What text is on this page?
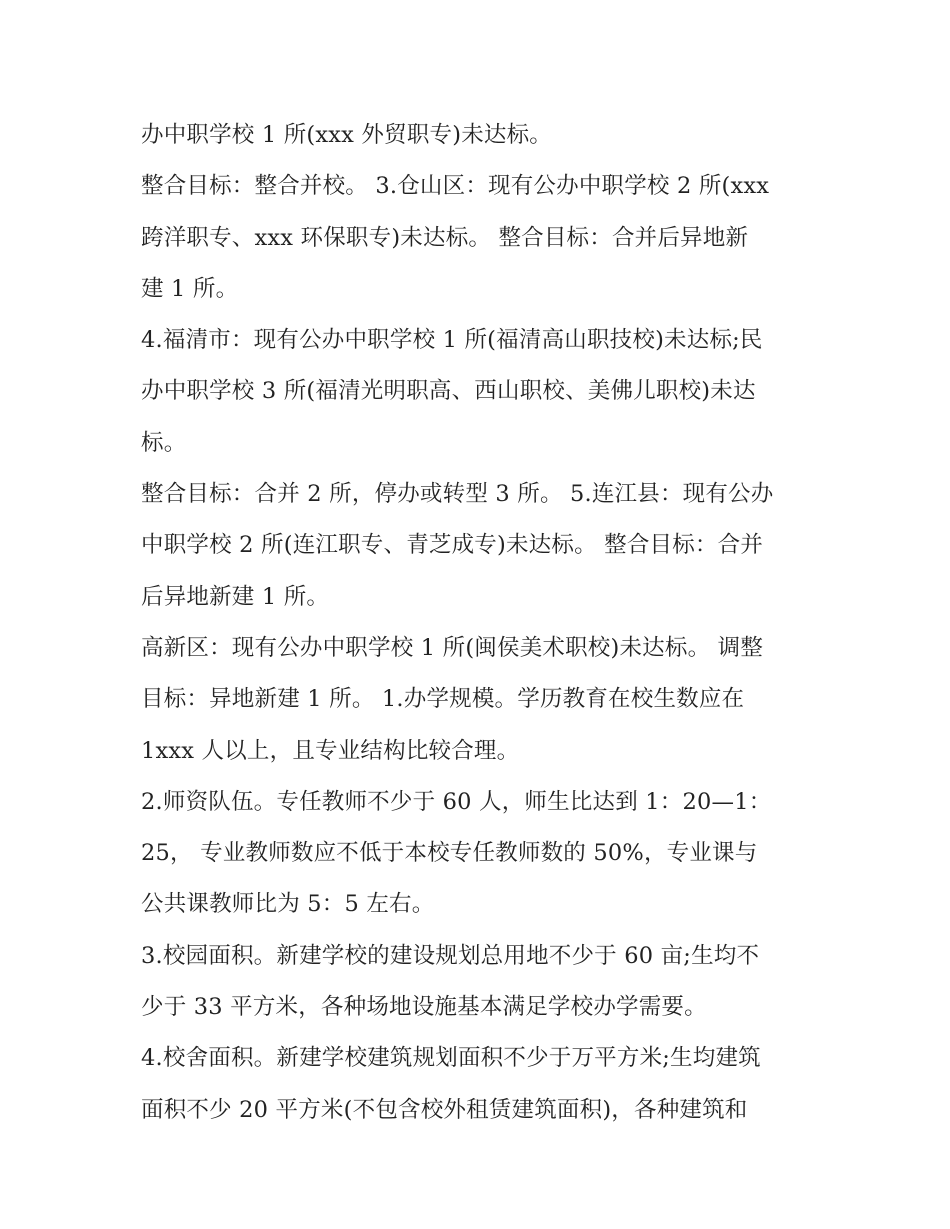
办中职学校 1 所(xxx 外贸职专)未达标。
整合目标：整合并校。 3.仓山区：现有公办中职学校 2 所(xxx
跨洋职专、xxx 环保职专)未达标。 整合目标：合并后异地新
建 1 所。
4.福清市：现有公办中职学校 1 所(福清高山职技校)未达标;民
办中职学校 3 所(福清光明职高、西山职校、美佛儿职校)未达
标。
整合目标：合并 2 所，停办或转型 3 所。 5.连江县：现有公办
中职学校 2 所(连江职专、青芝成专)未达标。 整合目标：合并
后异地新建 1 所。
高新区：现有公办中职学校 1 所(闽侯美术职校)未达标。 调整
目标：异地新建 1 所。 1.办学规模。学历教育在校生数应在
1xxx 人以上，且专业结构比较合理。
2.师资队伍。专任教师不少于 60 人，师生比达到 1：20—1：
25， 专业教师数应不低于本校专任教师数的 50%，专业课与
公共课教师比为 5：5 左右。
3.校园面积。新建学校的建设规划总用地不少于 60 亩;生均不
少于 33 平方米，各种场地设施基本满足学校办学需要。
4.校舍面积。新建学校建筑规划面积不少于万平方米;生均建筑
面积不少 20 平方米(不包含校外租赁建筑面积)，各种建筑和
